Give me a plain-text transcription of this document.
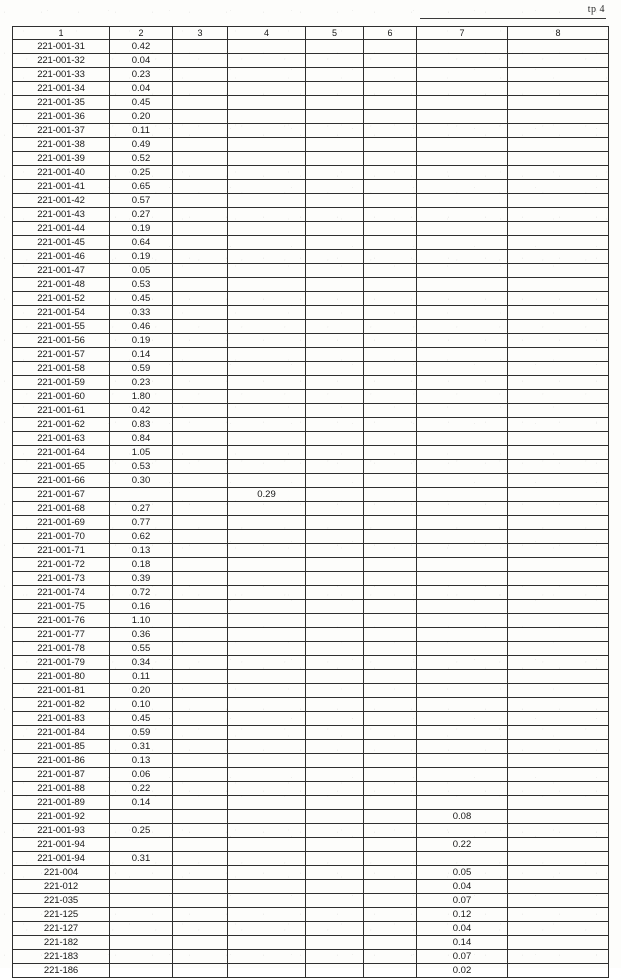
tp 4
1	2	3	4	5	6	7	8
221-001-31	0.42						
221-001-32	0.04						
221-001-33	0.23						
221-001-34	0.04						
221-001-35	0.45						
221-001-36	0.20						
221-001-37	0.11						
221-001-38	0.49						
221-001-39	0.52						
221-001-40	0.25						
221-001-41	0.65						
221-001-42	0.57						
221-001-43	0.27						
221-001-44	0.19						
221-001-45	0.64						
221-001-46	0.19						
221-001-47	0.05						
221-001-48	0.53						
221-001-52	0.45						
221-001-54	0.33						
221-001-55	0.46						
221-001-56	0.19						
221-001-57	0.14						
221-001-58	0.59						
221-001-59	0.23						
221-001-60	1.80						
221-001-61	0.42						
221-001-62	0.83						
221-001-63	0.84						
221-001-64	1.05						
221-001-65	0.53						
221-001-66	0.30						
221-001-67			0.29				
221-001-68	0.27						
221-001-69	0.77						
221-001-70	0.62						
221-001-71	0.13						
221-001-72	0.18						
221-001-73	0.39						
221-001-74	0.72						
221-001-75	0.16						
221-001-76	1.10						
221-001-77	0.36						
221-001-78	0.55						
221-001-79	0.34						
221-001-80	0.11						
221-001-81	0.20						
221-001-82	0.10						
221-001-83	0.45						
221-001-84	0.59						
221-001-85	0.31						
221-001-86	0.13						
221-001-87	0.06						
221-001-88	0.22						
221-001-89	0.14						
221-001-92						0.08	
221-001-93	0.25						
221-001-94						0.22	
221-001-94	0.31						
221-004						0.05	
221-012						0.04	
221-035						0.07	
221-125						0.12	
221-127						0.04	
221-182						0.14	
221-183						0.07	
221-186						0.02	
